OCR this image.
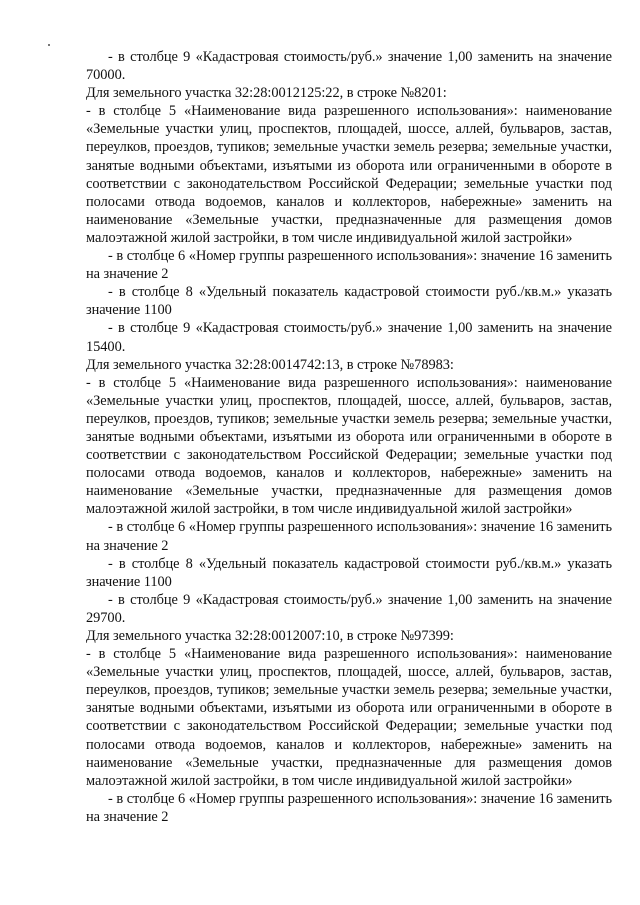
- в столбце 9 «Кадастровая стоимость/руб.» значение 1,00 заменить на значение 70000.

Для земельного участка 32:28:0012125:22, в строке №8201:

- в столбце 5 «Наименование вида разрешенного использования»: наименование «Земельные участки улиц, проспектов, площадей, шоссе, аллей, бульваров, застав, переулков, проездов, тупиков; земельные участки земель резерва; земельные участки, занятые водными объектами, изъятыми из оборота или ограниченными в обороте в соответствии с законодательством Российской Федерации; земельные участки под полосами отвода водоемов, каналов и коллекторов, набережные» заменить на наименование «Земельные участки, предназначенные для размещения домов малоэтажной жилой застройки, в том числе индивидуальной жилой застройки»

- в столбце 6 «Номер группы разрешенного использования»: значение 16 заменить на значение 2

- в столбце 8 «Удельный показатель кадастровой стоимости руб./кв.м.» указать значение 1100

- в столбце 9 «Кадастровая стоимость/руб.» значение 1,00 заменить на значение 15400.

Для земельного участка 32:28:0014742:13, в строке №78983:

- в столбце 5 «Наименование вида разрешенного использования»: наименование «Земельные участки улиц, проспектов, площадей, шоссе, аллей, бульваров, застав, переулков, проездов, тупиков; земельные участки земель резерва; земельные участки, занятые водными объектами, изъятыми из оборота или ограниченными в обороте в соответствии с законодательством Российской Федерации; земельные участки под полосами отвода водоемов, каналов и коллекторов, набережные» заменить на наименование «Земельные участки, предназначенные для размещения домов малоэтажной жилой застройки, в том числе индивидуальной жилой застройки»

- в столбце 6 «Номер группы разрешенного использования»: значение 16 заменить на значение 2

- в столбце 8 «Удельный показатель кадастровой стоимости руб./кв.м.» указать значение 1100

- в столбце 9 «Кадастровая стоимость/руб.» значение 1,00 заменить на значение 29700.

Для земельного участка 32:28:0012007:10, в строке №97399:

- в столбце 5 «Наименование вида разрешенного использования»: наименование «Земельные участки улиц, проспектов, площадей, шоссе, аллей, бульваров, застав, переулков, проездов, тупиков; земельные участки земель резерва; земельные участки, занятые водными объектами, изъятыми из оборота или ограниченными в обороте в соответствии с законодательством Российской Федерации; земельные участки под полосами отвода водоемов, каналов и коллекторов, набережные» заменить на наименование «Земельные участки, предназначенные для размещения домов малоэтажной жилой застройки, в том числе индивидуальной жилой застройки»

- в столбце 6 «Номер группы разрешенного использования»: значение 16 заменить на значение 2
